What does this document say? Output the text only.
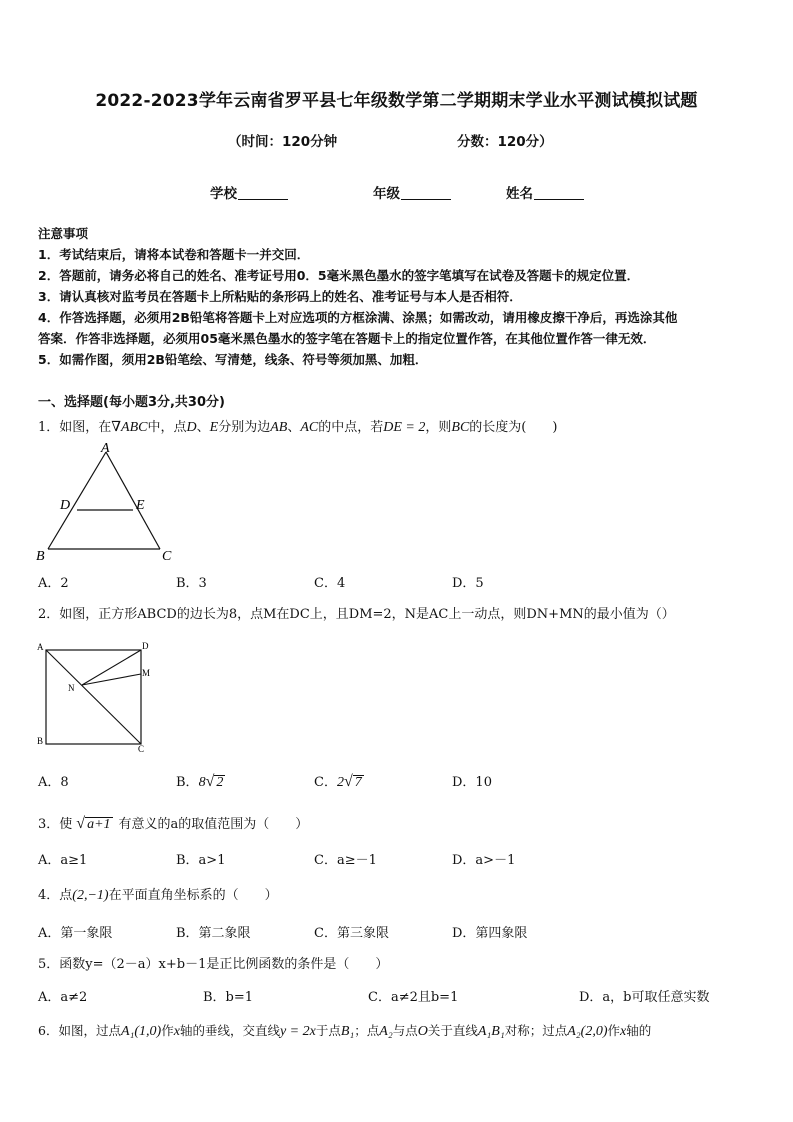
2022-2023学年云南省罗平县七年级数学第二学期期末学业水平测试模拟试题
（时间：120分钟	分数：120分）
学校	年级	姓名
注意事项
1．考试结束后，请将本试卷和答题卡一并交回．
2．答题前，请务必将自己的姓名、准考证号用0．5毫米黑色墨水的签字笔填写在试卷及答题卡的规定位置．
3．请认真核对监考员在答题卡上所粘贴的条形码上的姓名、准考证号与本人是否相符．
4．作答选择题，必须用2B铅笔将答题卡上对应选项的方框涂满、涂黑；如需改动，请用橡皮擦干净后，再选涂其他
答案．作答非选择题，必须用05毫米黑色墨水的签字笔在答题卡上的指定位置作答，在其他位置作答一律无效．
5．如需作图，须用2B铅笔绘、写清楚，线条、符号等须加黑、加粗．
一、选择题(每小题3分,共30分)
1．如图，在∇ABC中，点D、E分别为边AB、AC的中点，若DE = 2，则BC的长度为(　　)
A
D	E
B	C
A．2	B．3	C．4	D．5
2．如图，正方形ABCD的边长为8，点M在DC上，且DM=2，N是AC上一动点，则DN+MN的最小值为（）
A	D
M
N
B
C
A．8	B．8√ 2	C．2√ 7	D．10
3．使 √ a+1 有意义的a的取值范围为（　　）
A．a≥1	B．a>1	C．a≥－1	D．a>－1
4．点(2,−1)在平面直角坐标系的（　　）
A．第一象限	B．第二象限	C．第三象限	D．第四象限
5．函数y=（2－a）x+b－1是正比例函数的条件是（　　）
A．a≠2	B．b=1	C．a≠2且b=1	D．a，b可取任意实数
6．如图，过点A₁(1,0)作x轴的垂线，交直线y = 2x于点B₁；点A₂与点O关于直线A₁B₁对称；过点A₂(2,0)作x轴的
